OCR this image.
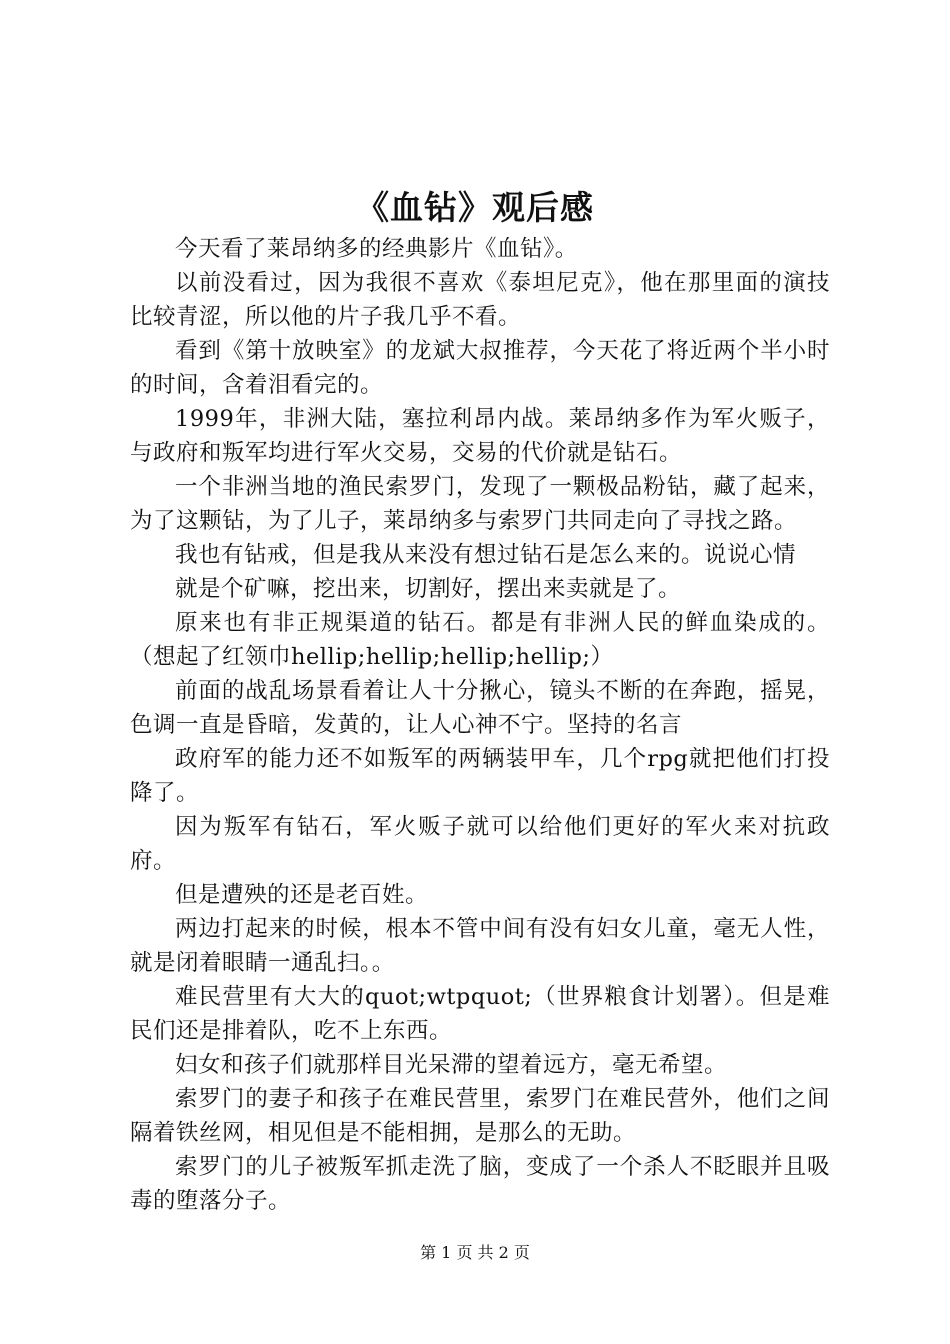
《血钻》观后感

今天看了莱昂纳多的经典影片《血钻》。

以前没看过，因为我很不喜欢《泰坦尼克》，他在那里面的演技比较青涩，所以他的片子我几乎不看。

看到《第十放映室》的龙斌大叔推荐，今天花了将近两个半小时的时间，含着泪看完的。

1999年，非洲大陆，塞拉利昂内战。莱昂纳多作为军火贩子，与政府和叛军均进行军火交易，交易的代价就是钻石。

一个非洲当地的渔民索罗门，发现了一颗极品粉钻，藏了起来，为了这颗钻，为了儿子，莱昂纳多与索罗门共同走向了寻找之路。

我也有钻戒，但是我从来没有想过钻石是怎么来的。说说心情

就是个矿嘛，挖出来，切割好，摆出来卖就是了。

原来也有非正规渠道的钻石。都是有非洲人民的鲜血染成的。（想起了红领巾hellip;hellip;hellip;hellip;）

前面的战乱场景看着让人十分揪心，镜头不断的在奔跑，摇晃，色调一直是昏暗，发黄的，让人心神不宁。坚持的名言

政府军的能力还不如叛军的两辆装甲车，几个rpg就把他们打投降了。

因为叛军有钻石，军火贩子就可以给他们更好的军火来对抗政府。

但是遭殃的还是老百姓。

两边打起来的时候，根本不管中间有没有妇女儿童，毫无人性，就是闭着眼睛一通乱扫。。

难民营里有大大的quot;wtpquot;（世界粮食计划署）。但是难民们还是排着队，吃不上东西。

妇女和孩子们就那样目光呆滞的望着远方，毫无希望。

索罗门的妻子和孩子在难民营里，索罗门在难民营外，他们之间隔着铁丝网，相见但是不能相拥，是那么的无助。

索罗门的儿子被叛军抓走洗了脑，变成了一个杀人不眨眼并且吸毒的堕落分子。

第 1 页 共 2 页
